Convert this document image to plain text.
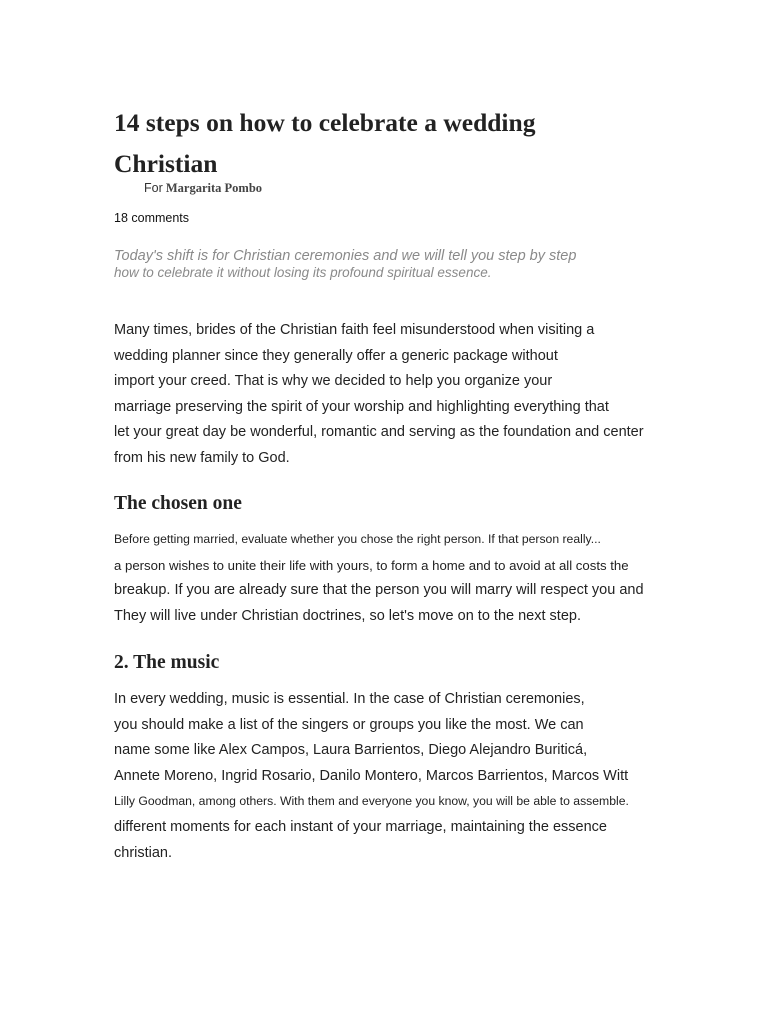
14 steps on how to celebrate a wedding
Christian
For Margarita Pombo
18 comments
Today's shift is for Christian ceremonies and we will tell you step by step
how to celebrate it without losing its profound spiritual essence.
Many times, brides of the Christian faith feel misunderstood when visiting a
wedding planner since they generally offer a generic package without
import your creed. That is why we decided to help you organize your
marriage preserving the spirit of your worship and highlighting everything that
let your great day be wonderful, romantic and serving as the foundation and center
from his new family to God.
The chosen one
Before getting married, evaluate whether you chose the right person. If that person really...
a person wishes to unite their life with yours, to form a home and to avoid at all costs the
breakup. If you are already sure that the person you will marry will respect you and
They will live under Christian doctrines, so let's move on to the next step.
2. The music
In every wedding, music is essential. In the case of Christian ceremonies,
you should make a list of the singers or groups you like the most. We can
name some like Alex Campos, Laura Barrientos, Diego Alejandro Buriticá,
Annete Moreno, Ingrid Rosario, Danilo Montero, Marcos Barrientos, Marcos Witt
Lilly Goodman, among others. With them and everyone you know, you will be able to assemble.
different moments for each instant of your marriage, maintaining the essence
christian.
